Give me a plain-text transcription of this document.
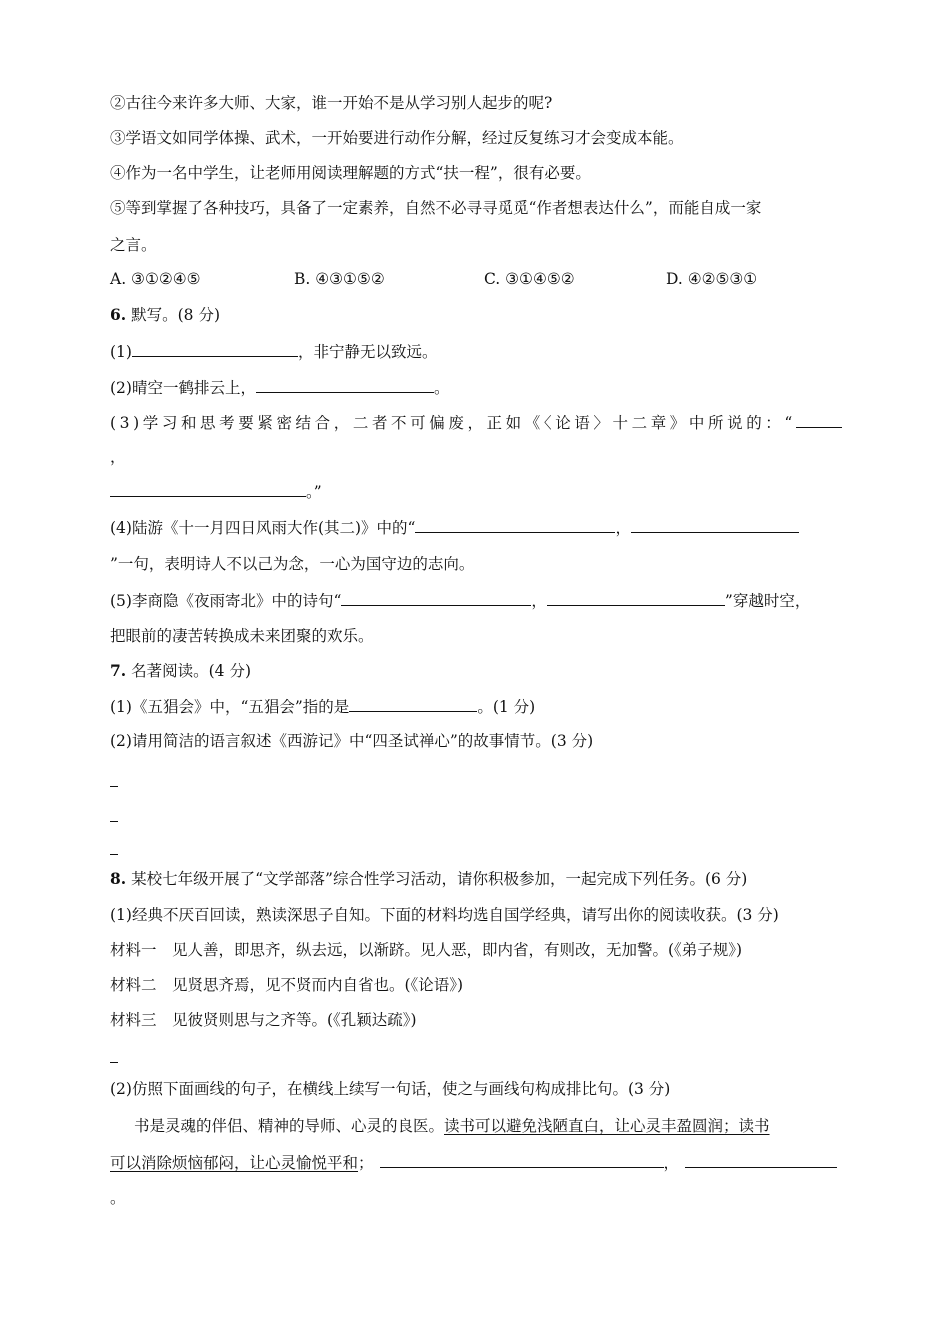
②古往今来许多大师、大家，谁一开始不是从学习别人起步的呢?
③学语文如同学体操、武术，一开始要进行动作分解，经过反复练习才会变成本能。
④作为一名中学生，让老师用阅读理解题的方式“扶一程”，很有必要。
⑤等到掌握了各种技巧，具备了一定素养，自然不必寻寻觅觅“作者想表达什么”，而能自成一家
之言。
A. ③①②④⑤	B. ④③①⑤②	C. ③①④⑤②	D. ④②⑤③①
6. 默写。(8 分)
(1)	，非宁静无以致远。
(2)晴空一鹤排云上，	。
(3)学习和思考要紧密结合，二者不可偏废，正如《〈论语〉十二章》中所说的：“
，
。”
(4)陆游《十一月四日风雨大作(其二)》中的“	，
”一句，表明诗人不以己为念，一心为国守边的志向。
(5)李商隐《夜雨寄北》中的诗句“	，	”穿越时空，
把眼前的凄苦转换成未来团聚的欢乐。
7. 名著阅读。(4 分)
(1)《五猖会》中，“五猖会”指的是	。(1 分)
(2)请用简洁的语言叙述《西游记》中“四圣试禅心”的故事情节。(3 分)
8. 某校七年级开展了“文学部落”综合性学习活动，请你积极参加，一起完成下列任务。(6 分)
(1)经典不厌百回读，熟读深思子自知。下面的材料均选自国学经典，请写出你的阅读收获。(3 分)
材料一　见人善，即思齐，纵去远，以渐跻。见人恶，即内省，有则改，无加警。(《弟子规》)
材料二　见贤思齐焉，见不贤而内自省也。(《论语》)
材料三　见彼贤则思与之齐等。(《孔颖达疏》)
(2)仿照下面画线的句子，在横线上续写一句话，使之与画线句构成排比句。(3 分)
书是灵魂的伴侣、精神的导师、心灵的良医。读书可以避免浅陋直白，让心灵丰盈圆润；读书
可以消除烦恼郁闷，让心灵愉悦平和；	，
。
